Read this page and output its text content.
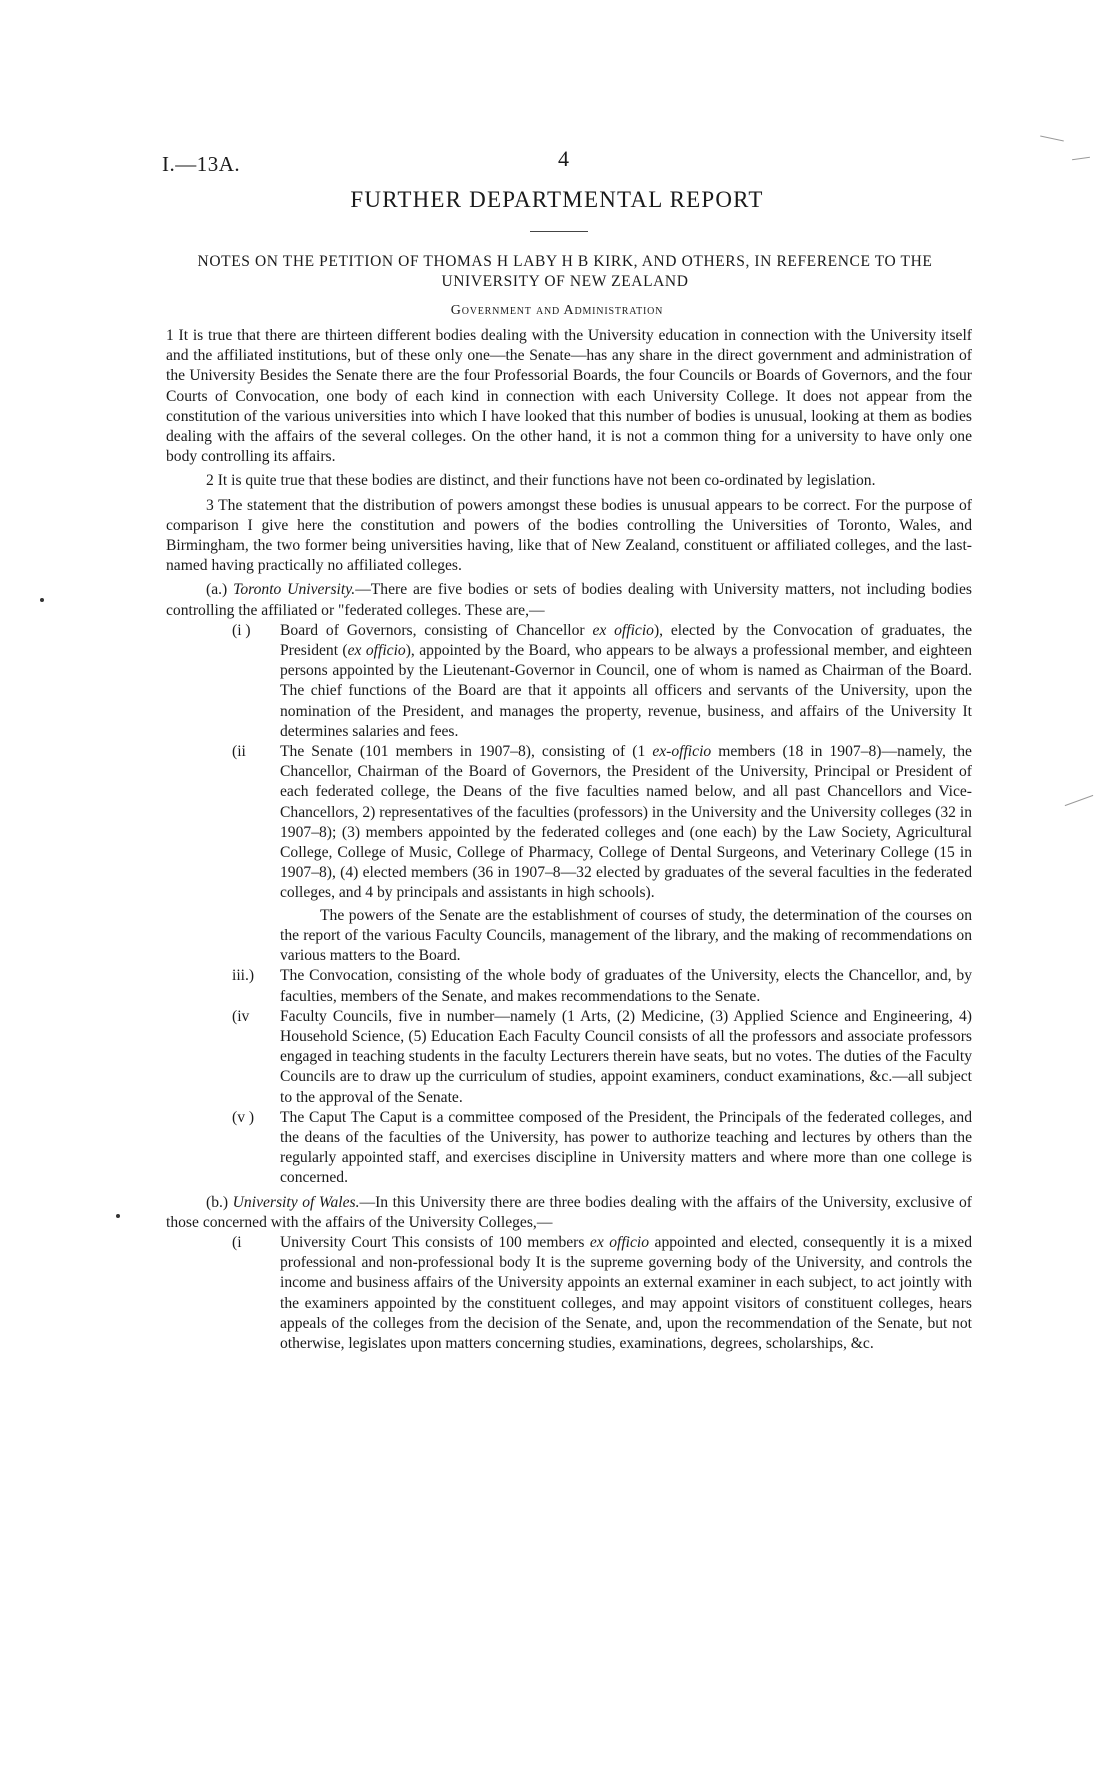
I.—13A.	4
FURTHER DEPARTMENTAL REPORT
NOTES ON THE PETITION OF THOMAS H LABY H B KIRK, AND OTHERS, IN REFERENCE TO THE UNIVERSITY OF NEW ZEALAND
Government and Administration

1 It is true that there are thirteen different bodies dealing with the University education in connection with the University itself and the affiliated institutions, but of these only one—the Senate—has any share in the direct government and administration of the University Besides the Senate there are the four Professorial Boards, the four Councils or Boards of Governors, and the four Courts of Convocation, one body of each kind in connection with each University College. It does not appear from the constitution of the various universities into which I have looked that this number of bodies is unusual, looking at them as bodies dealing with the affairs of the several colleges. On the other hand, it is not a common thing for a university to have only one body controlling its affairs.

2 It is quite true that these bodies are distinct, and their functions have not been co-ordinated by legislation.

3 The statement that the distribution of powers amongst these bodies is unusual appears to be correct. For the purpose of comparison I give here the constitution and powers of the bodies controlling the Universities of Toronto, Wales, and Birmingham, the two former being universities having, like that of New Zealand, constituent or affiliated colleges, and the last-named having practically no affiliated colleges.

(a.) Toronto University.—There are five bodies or sets of bodies dealing with University matters, not including bodies controlling the affiliated or "federated colleges. These are,—

(i ) Board of Governors, consisting of Chancellor ex officio), elected by the Convocation of graduates, the President (ex officio), appointed by the Board, who appears to be always a professional member, and eighteen persons appointed by the Lieutenant-Governor in Council, one of whom is named as Chairman of the Board. The chief functions of the Board are that it appoints all officers and servants of the University, upon the nomination of the President, and manages the property, revenue, business, and affairs of the University It determines salaries and fees.

(ii The Senate (101 members in 1907–8), consisting of (1 ex-officio members (18 in 1907–8)—namely, the Chancellor, Chairman of the Board of Governors, the President of the University, Principal or President of each federated college, the Deans of the five faculties named below, and all past Chancellors and Vice-Chancellors, 2) representatives of the faculties (professors) in the University and the University colleges (32 in 1907–8); (3) members appointed by the federated colleges and (one each) by the Law Society, Agricultural College, College of Music, College of Pharmacy, College of Dental Surgeons, and Veterinary College (15 in 1907–8), (4) elected members (36 in 1907–8—32 elected by graduates of the several faculties in the federated colleges, and 4 by principals and assistants in high schools).

The powers of the Senate are the establishment of courses of study, the determination of the courses on the report of the various Faculty Councils, management of the library, and the making of recommendations on various matters to the Board.

iii.) The Convocation, consisting of the whole body of graduates of the University, elects the Chancellor, and, by faculties, members of the Senate, and makes recommendations to the Senate.

(iv Faculty Councils, five in number—namely (1 Arts, (2) Medicine, (3) Applied Science and Engineering, 4) Household Science, (5) Education Each Faculty Council consists of all the professors and associate professors engaged in teaching students in the faculty Lecturers therein have seats, but no votes. The duties of the Faculty Councils are to draw up the curriculum of studies, appoint examiners, conduct examinations, &c.—all subject to the approval of the Senate.

(v ) The Caput The Caput is a committee composed of the President, the Principals of the federated colleges, and the deans of the faculties of the University, has power to authorize teaching and lectures by others than the regularly appointed staff, and exercises discipline in University matters and where more than one college is concerned.

(b.) University of Wales.—In this University there are three bodies dealing with the affairs of the University, exclusive of those concerned with the affairs of the University Colleges,—

(i University Court This consists of 100 members ex officio appointed and elected, consequently it is a mixed professional and non-professional body It is the supreme governing body of the University, and controls the income and business affairs of the University appoints an external examiner in each subject, to act jointly with the examiners appointed by the constituent colleges, and may appoint visitors of constituent colleges, hears appeals of the colleges from the decision of the Senate, and, upon the recommendation of the Senate, but not otherwise, legislates upon matters concerning studies, examinations, degrees, scholarships, &c.
